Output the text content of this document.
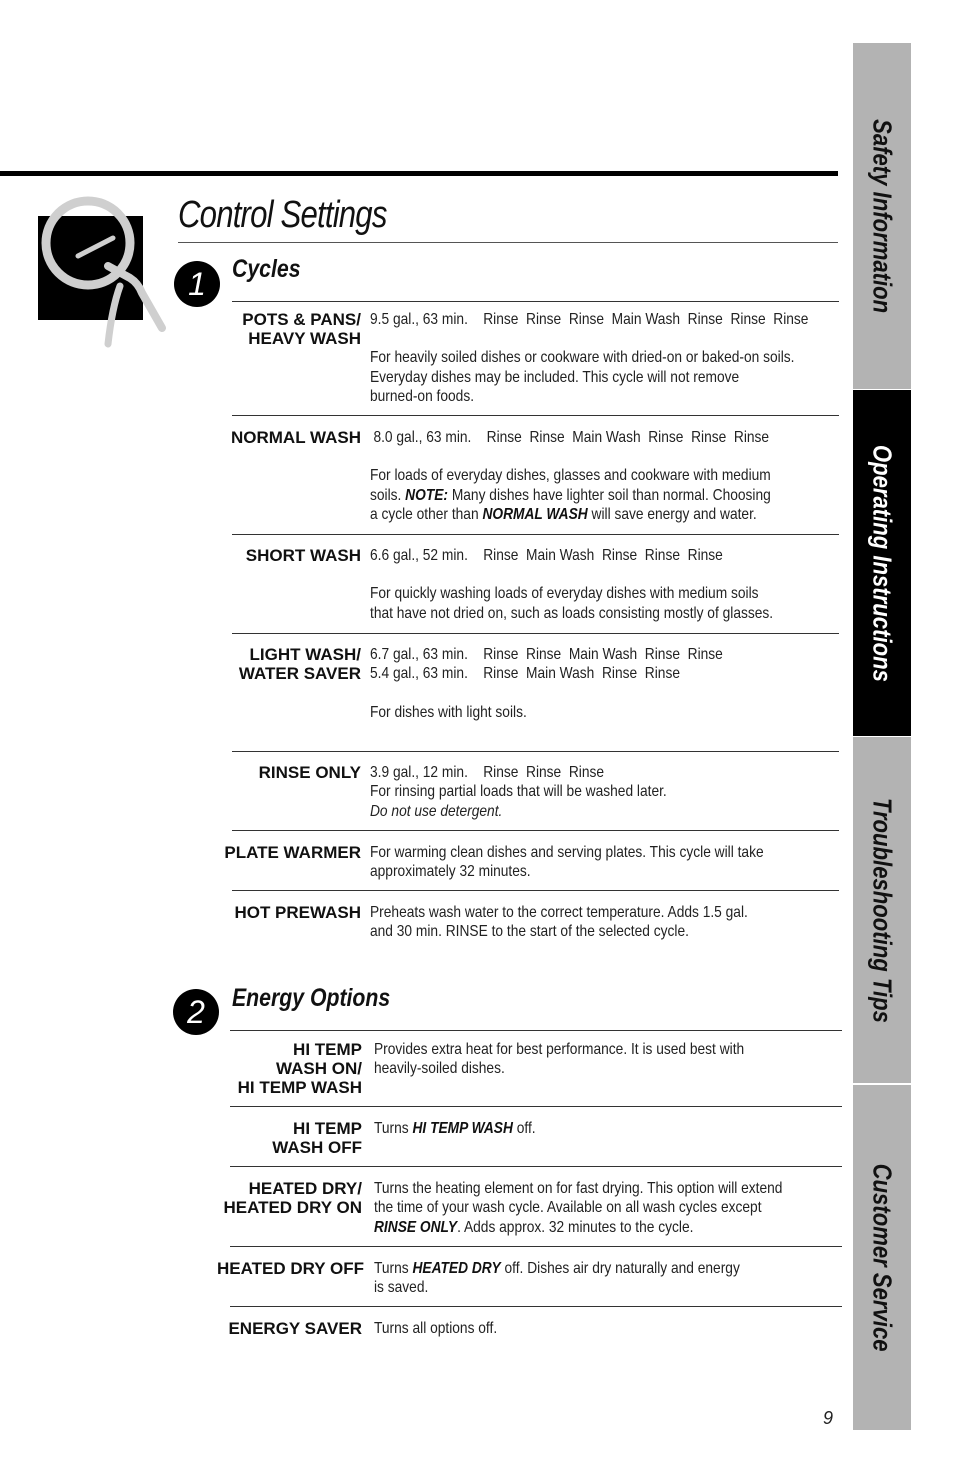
Control Settings
1	Cycles
POTS & PANS/
HEAVY WASH
9.5 gal., 63 min.    Rinse  Rinse  Rinse  Main Wash  Rinse  Rinse  Rinse
For heavily soiled dishes or cookware with dried-on or baked-on soils.
Everyday dishes may be included. This cycle will not remove
burned-on foods.
NORMAL WASH 8.0 gal., 63 min.    Rinse  Rinse  Main Wash  Rinse  Rinse  Rinse
For loads of everyday dishes, glasses and cookware with medium
soils. NOTE: Many dishes have lighter soil than normal. Choosing
a cycle other than NORMAL WASH will save energy and water.
SHORT WASH 6.6 gal., 52 min.    Rinse  Main Wash  Rinse  Rinse  Rinse
For quickly washing loads of everyday dishes with medium soils
that have not dried on, such as loads consisting mostly of glasses.
LIGHT WASH/
WATER SAVER
6.7 gal., 63 min.    Rinse  Rinse  Main Wash  Rinse  Rinse
5.4 gal., 63 min.    Rinse  Main Wash  Rinse  Rinse
For dishes with light soils.
RINSE ONLY 3.9 gal., 12 min.    Rinse  Rinse  Rinse
For rinsing partial loads that will be washed later.
Do not use detergent.
PLATE WARMER For warming clean dishes and serving plates. This cycle will take
approximately 32 minutes.
HOT PREWASH Preheats wash water to the correct temperature. Adds 1.5 gal.
and 30 min. RINSE to the start of the selected cycle.
2	Energy Options
HI TEMP
WASH ON/
HI TEMP WASH
Provides extra heat for best performance. It is used best with
heavily-soiled dishes.
HI TEMP
WASH OFF
Turns HI TEMP WASH off.
HEATED DRY/
HEATED DRY ON
Turns the heating element on for fast drying. This option will extend
the time of your wash cycle. Available on all wash cycles except
RINSE ONLY. Adds approx. 32 minutes to the cycle.
HEATED DRY OFF Turns HEATED DRY off. Dishes air dry naturally and energy
is saved.
ENERGY SAVER Turns all options off.
Safety Information
Operating Instructions
Troubleshooting Tips
Customer Service
9
